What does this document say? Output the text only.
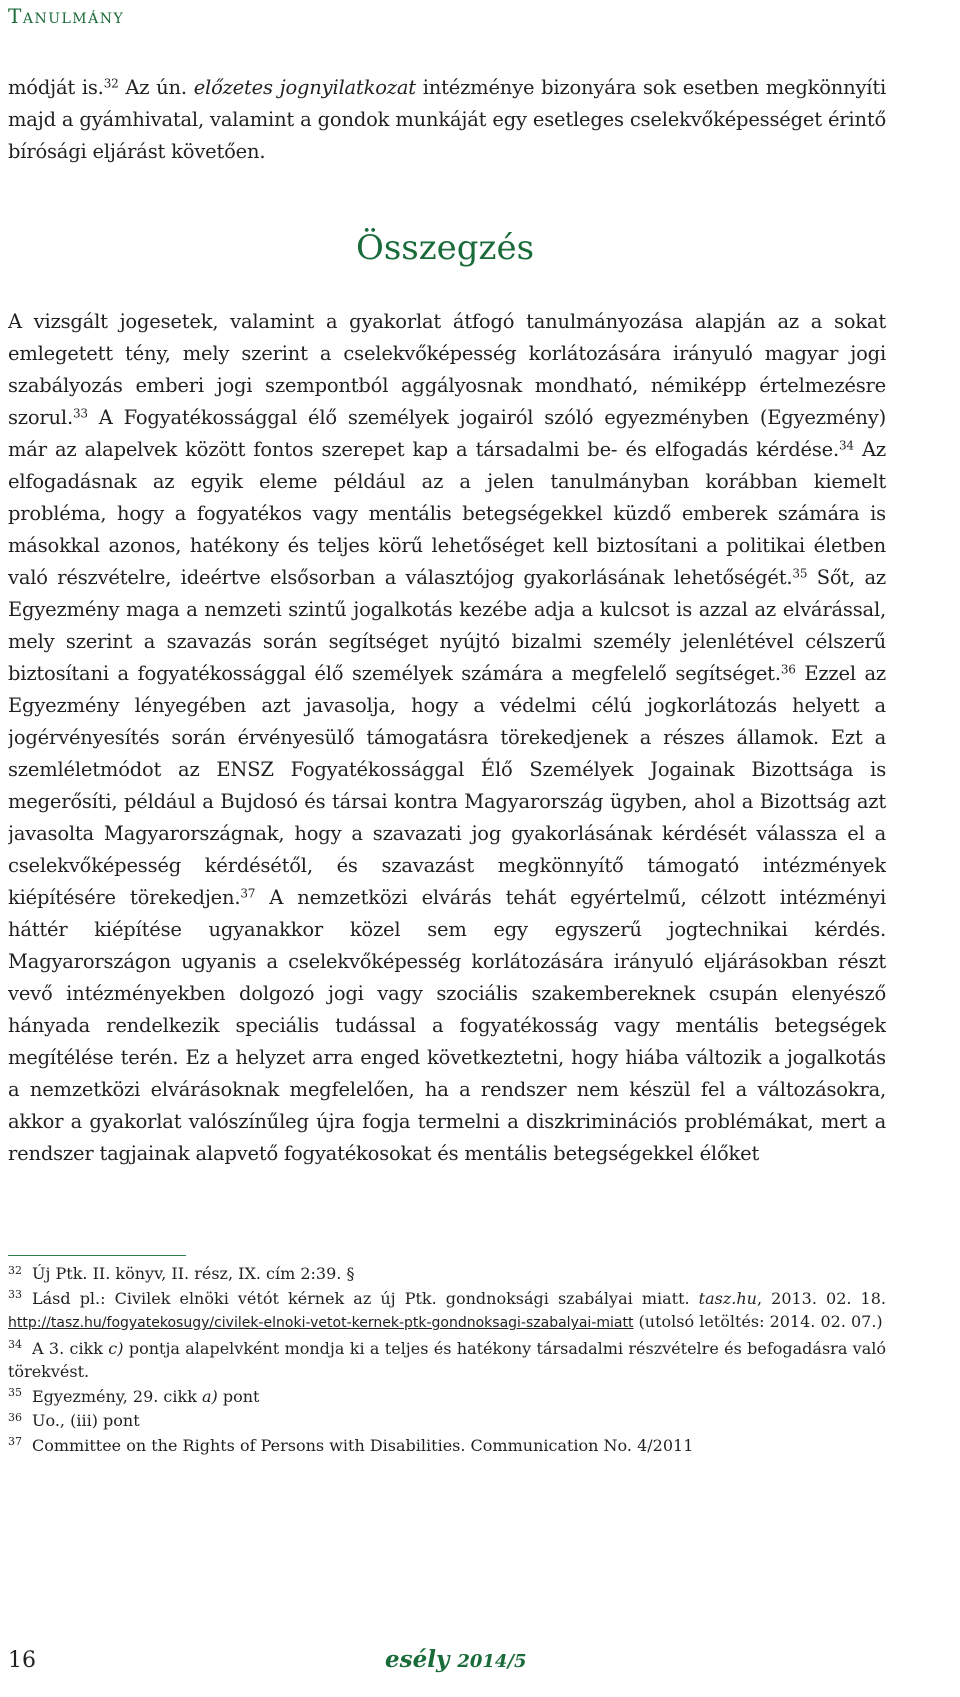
Tanulmány

módját is.$^{32}$ Az ún. előzetes jognyilatkozat intézménye bizonyára sok esetben megkönnyíti majd a gyámhivatal, valamint a gondok munkáját egy esetleges cselekvőképességet érintő bírósági eljárást követően.

Összegzés

A vizsgált jogesetek, valamint a gyakorlat átfogó tanulmányozása alapján az a sokat emlegetett tény, mely szerint a cselekvőképesség korlátozására irányuló magyar jogi szabályozás emberi jogi szempontból aggályosnak mondható, némiképp értelmezésre szorul.$^{33}$ A Fogyatékossággal élő személyek jogairól szóló egyezményben (Egyezmény) már az alapelvek között fontos szerepet kap a társadalmi be- és elfogadás kérdése.$^{34}$ Az elfogadásnak az egyik eleme például az a jelen tanulmányban korábban kiemelt probléma, hogy a fogyatékos vagy mentális betegségekkel küzdő emberek számára is másokkal azonos, hatékony és teljes körű lehetőséget kell biztosítani a politikai életben való részvételre, ideértve elsősorban a választójog gyakorlásának lehetőségét.$^{35}$ Sőt, az Egyezmény maga a nemzeti szintű jogalkotás kezébe adja a kulcsot is azzal az elvárással, mely szerint a szavazás során segítséget nyújtó bizalmi személy jelenlétével célszerű biztosítani a fogyatékossággal élő személyek számára a megfelelő segítséget.$^{36}$ Ezzel az Egyezmény lényegében azt javasolja, hogy a védelmi célú jogkorlátozás helyett a jogérvényesítés során érvényesülő támogatásra törekedjenek a részes államok. Ezt a szemléletmódot az ENSZ Fogyatékossággal Élő Személyek Jogainak Bizottsága is megerősíti, például a Bujdosó és társai kontra Magyarország ügyben, ahol a Bizottság azt javasolta Magyarországnak, hogy a szavazati jog gyakorlásának kérdését válassza el a cselekvőképesség kérdésétől, és szavazást megkönnyítő támogató intézmények kiépítésére törekedjen.$^{37}$ A nemzetközi elvárás tehát egyértelmű, célzott intézményi háttér kiépítése ugyanakkor közel sem egy egyszerű jogtechnikai kérdés. Magyarországon ugyanis a cselekvőképesség korlátozására irányuló eljárásokban részt vevő intézményekben dolgozó jogi vagy szociális szakembereknek csupán elenyésző hányada rendelkezik speciális tudással a fogyatékosság vagy mentális betegségek megítélése terén. Ez a helyzet arra enged következtetni, hogy hiába változik a jogalkotás a nemzetközi elvárásoknak megfelelően, ha a rendszer nem készül fel a változásokra, akkor a gyakorlat valószínűleg újra fogja termelni a diszkriminációs problémákat, mert a rendszer tagjainak alapvető fogyatékosokat és mentális betegségekkel élőket

$^{32}$ Új Ptk. II. könyv, II. rész, IX. cím 2:39. §
$^{33}$ Lásd pl.: Civilek elnöki vétót kérnek az új Ptk. gondnoksági szabályai miatt. tasz.hu, 2013. 02. 18. http://tasz.hu/fogyatekosugy/civilek-elnoki-vetot-kernek-ptk-gondnoksagi-szabalyai-miatt (utolsó letöltés: 2014. 02. 07.)
$^{34}$ A 3. cikk c) pontja alapelvként mondja ki a teljes és hatékony társadalmi részvételre és befogadásra való törekvést.
$^{35}$ Egyezmény, 29. cikk a) pont
$^{36}$ Uo., (iii) pont
$^{37}$ Committee on the Rights of Persons with Disabilities. Communication No. 4/2011
16	esély 2014/5
